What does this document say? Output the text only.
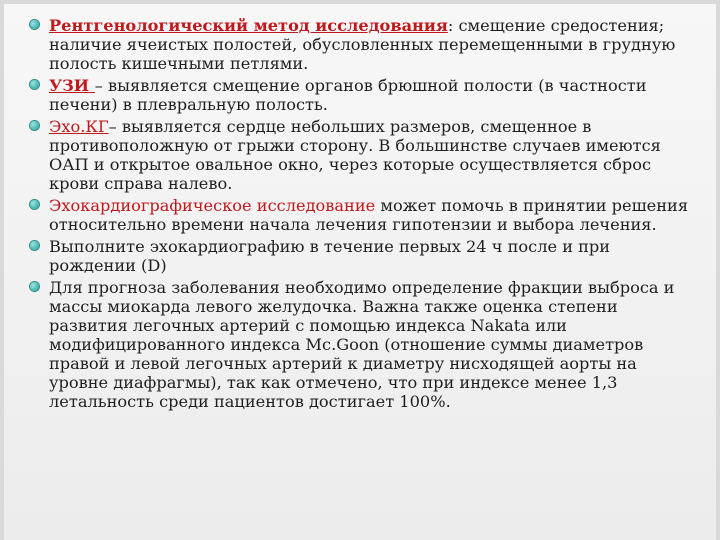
Рентгенологический метод исследования: смещение средостения; наличие ячеистых полостей, обусловленных перемещенными в грудную полость кишечными петлями.
УЗИ – выявляется смещение органов брюшной полости (в частности печени) в плевральную полость.
Эхо.КГ– выявляется сердце небольших размеров, смещенное в противоположную от грыжи сторону. В большинстве случаев имеются ОАП и открытое овальное окно, через которые осуществляется сброс крови справа налево.
Эхокардиографическое исследование может помочь в принятии решения относительно времени начала лечения гипотензии и выбора лечения.
Выполните эхокардиографию в течение первых 24 ч после и при рождении (D)
Для прогноза заболевания необходимо определение фракции выброса и массы миокарда левого желудочка. Важна также оценка степени развития легочных артерий с помощью индекса Nakata или модифицированного индекса Mc.Goon (отношение суммы диаметров правой и левой легочных артерий к диаметру нисходящей аорты на уровне диафрагмы), так как отмечено, что при индексе менее 1,3 летальность среди пациентов достигает 100%.
